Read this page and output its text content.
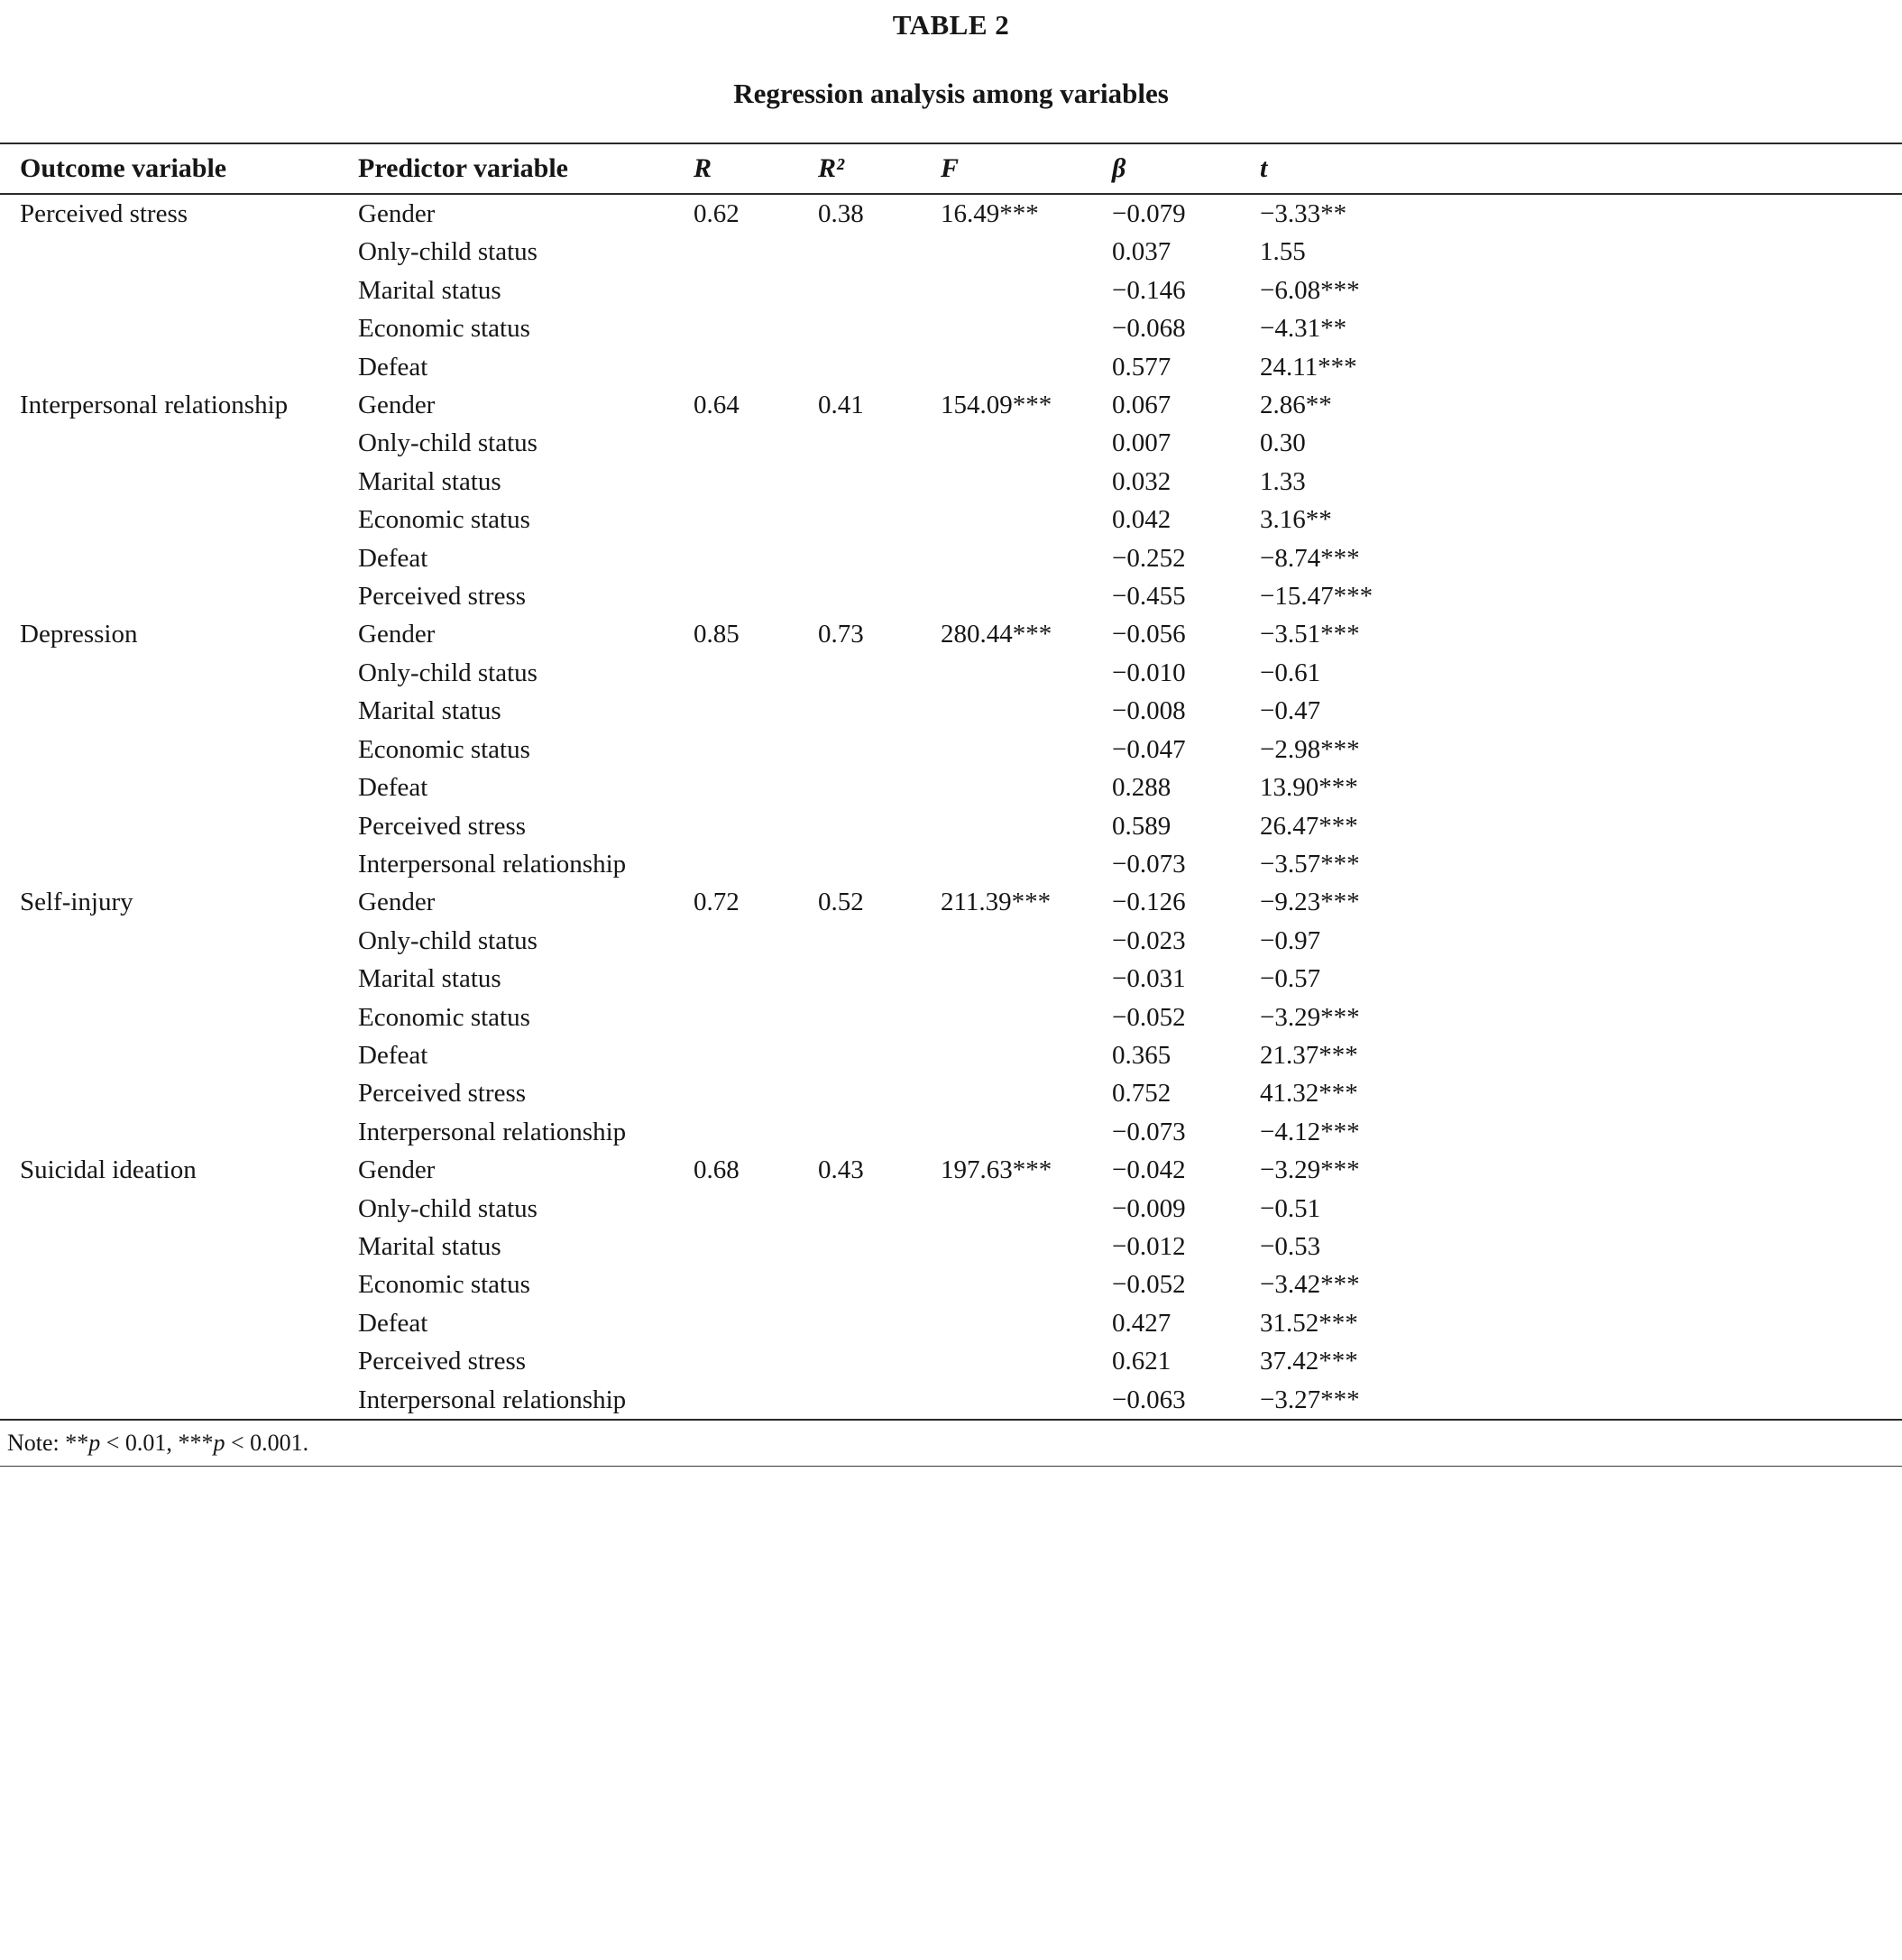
TABLE 2
Regression analysis among variables
Outcome variable	Predictor variable	R	R²	F	β	t
Perceived stress	Gender	0.62	0.38	16.49***	−0.079	−3.33**
	Only-child status				0.037	1.55
	Marital status				−0.146	−6.08***
	Economic status				−0.068	−4.31**
	Defeat				0.577	24.11***
Interpersonal relationship	Gender	0.64	0.41	154.09***	0.067	2.86**
	Only-child status				0.007	0.30
	Marital status				0.032	1.33
	Economic status				0.042	3.16**
	Defeat				−0.252	−8.74***
	Perceived stress				−0.455	−15.47***
Depression	Gender	0.85	0.73	280.44***	−0.056	−3.51***
	Only-child status				−0.010	−0.61
	Marital status				−0.008	−0.47
	Economic status				−0.047	−2.98***
	Defeat				0.288	13.90***
	Perceived stress				0.589	26.47***
	Interpersonal relationship				−0.073	−3.57***
Self-injury	Gender	0.72	0.52	211.39***	−0.126	−9.23***
	Only-child status				−0.023	−0.97
	Marital status				−0.031	−0.57
	Economic status				−0.052	−3.29***
	Defeat				0.365	21.37***
	Perceived stress				0.752	41.32***
	Interpersonal relationship				−0.073	−4.12***
Suicidal ideation	Gender	0.68	0.43	197.63***	−0.042	−3.29***
	Only-child status				−0.009	−0.51
	Marital status				−0.012	−0.53
	Economic status				−0.052	−3.42***
	Defeat				0.427	31.52***
	Perceived stress				0.621	37.42***
	Interpersonal relationship				−0.063	−3.27***
Note: **p < 0.01, ***p < 0.001.
